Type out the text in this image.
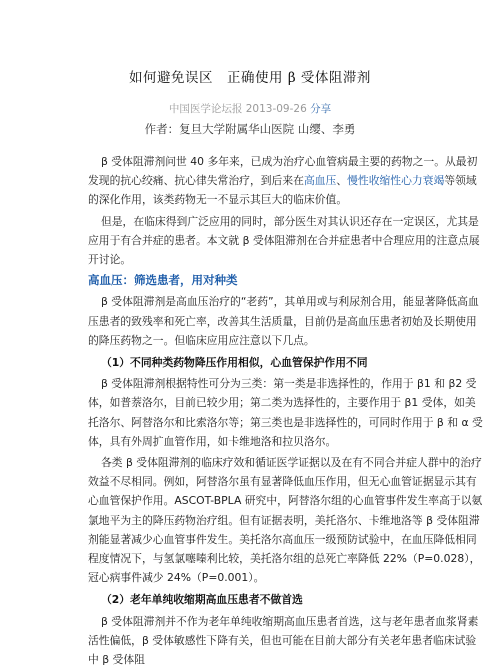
如何避免误区　正确使用 β 受体阻滞剂
中国医学论坛报 2013-09-26 分享
作者：复旦大学附属华山医院 山缨、李勇

β 受体阻滞剂问世 40 多年来，已成为治疗心血管病最主要的药物之一。从最初发现的抗心绞痛、抗心律失常治疗，到后来在高血压、慢性收缩性心力衰竭等领域的深化作用，该类药物无一不显示其巨大的临床价值。

但是，在临床得到广泛应用的同时，部分医生对其认识还存在一定误区，尤其是应用于有合并症的患者。本文就 β 受体阻滞剂在合并症患者中合理应用的注意点展开讨论。

高血压：筛选患者，用对种类

β 受体阻滞剂是高血压治疗的“老药”，其单用或与利尿剂合用，能显著降低高血压患者的致残率和死亡率，改善其生活质量，目前仍是高血压患者初始及长期使用的降压药物之一。但临床应用应注意以下几点。

（1）不同种类药物降压作用相似，心血管保护作用不同

β 受体阻滞剂根据特性可分为三类：第一类是非选择性的，作用于 β1 和 β2 受体，如普萘洛尔，目前已较少用；第二类为选择性的，主要作用于 β1 受体，如美托洛尔、阿替洛尔和比索洛尔等；第三类也是非选择性的，可同时作用于 β 和 α 受体，具有外周扩血管作用，如卡维地洛和拉贝洛尔。

各类 β 受体阻滞剂的临床疗效和循证医学证据以及在有不同合并症人群中的治疗效益不尽相同。例如，阿替洛尔虽有显著降低血压作用，但无心血管证据显示其有心血管保护作用。ASCOT-BPLA 研究中，阿替洛尔组的心血管事件发生率高于以氨氯地平为主的降压药物治疗组。但有证据表明，美托洛尔、卡维地洛等 β 受体阻滞剂能显著减少心血管事件发生。美托洛尔高血压一级预防试验中，在血压降低相同程度情况下，与氢氯噻嗪利比较，美托洛尔组的总死亡率降低 22%（P=0.028），冠心病事件减少 24%（P=0.001）。

（2）老年单纯收缩期高血压患者不做首选

β 受体阻滞剂并不作为老年单纯收缩期高血压患者首选，这与老年患者血浆肾素活性偏低，β 受体敏感性下降有关，但也可能在目前大部分有关老年患者临床试验中 β 受体阻
